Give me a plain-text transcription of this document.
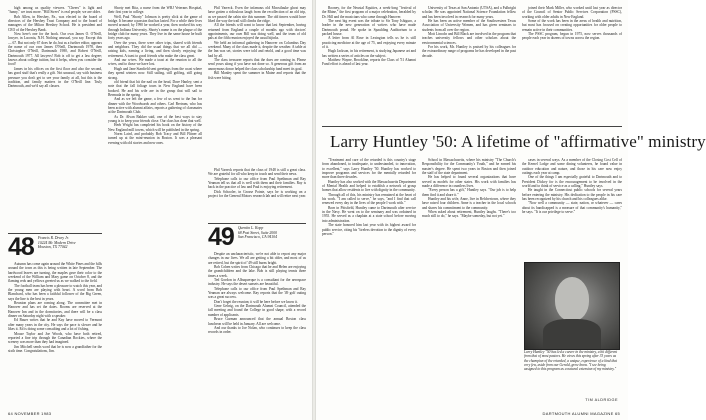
high among us quality viewers. "Cheers" is light and "funny," we trust more. "Hill Street" is real people; we are older.

Bob Allen, in Hershey, Pa., was elected to the board of directors of the Hershey Trust Company and to the board of managers of the Milton Hershey School. He is president and CEO of the Hershey Bank.

Now here's one for the book. Our own James O. O'Neill, lawyer, in Laconia, N.H. Nothing unusual, you say. Except this — 67. But not only 67 does he do, but as a further editor, appears the name of our own James O'Neill, Dartmouth 1978, then Christopher O'Neill, Dartmouth 1980, and Robert O'Neill, Dartmouth 1977. All lawyers! Bob is off to get a law degree; knows about college tuition, but it helps, when you consider the food!

James in his offices on the first floor and also the second, has good stuff that's really a gift. Not unusual, say with business pressure you don't get to see your family at all, but this is the tradition, and family matters in the O'Neill line. Truly Dartmouth, and we'd say all classes.

Shorty met Rita, a nurse from the WRJ Veterans Hospital, their first year in college.

Well, Paul "Shorty" Johnson is pretty slick at the game of bridge. It became a passion that has lasted. For a while their lives moved around; by 1990 he worked a year, then worked his way through Indiana University. Shorty's name is on the plaque of the bridge club for many years. They live in the same house he built forty years ago.

Over the years, there were other trips, shared with friends and neighbors. They did the usual things that we all did — raising kids, earning a living, and then slowly enjoying the retirement. A toast to good friends who make the class great.

And our wives. We made a toast at the reunion to all the wives, and to those we have lost.

Hugh and Jane Stanfield sent greetings from the coast where they spend winters now. Still sailing, still golfing, still going strong.

old friend that hit the nail on the head, Dave Hanley, sent a note that the fall foliage tours in New England have been booked. He and his wife are in the group that will sail to Bermuda in the spring.

And as we left the game, a few of us went to the Inn for dinner with the Woodwards and others. Carl Bertram, who has been active with alumni affairs, reports a gathering of classmates at the Dartmouth Club.

As Dr. Alvan Bakker said, one of the best ways to stay young is to keep your friends close. Our class has done that well.

Herb Wright has completed his book on the history of the New England mill towns, which will be published in the spring.

Norm Laird, and probably Bob Tracy and Bill Flitner all turned up at the mini-reunion in Boston. It was a pleasant evening with old stories and new ones.

Phil Varreck. Even the infamous old Moosilauke ghost may have gotten a ridiculous laugh from the recollection of an old trip, as we passed the cabin site this summer. The old timers would have liked the way the trail still climbs the ridge.

All the friends will want to know that last September, having returned from England a couple of months ago with doctors' appointments, our own Bill was doing well, and the team of old pals at the fifth reunion enjoyed the usual hijinks.

We held an informal gathering in Hanover on Columbus Day weekend. Many of the class made it, despite the weather. A table at the Inn was set, stories were told and retold, and a good time was had by all.

The class treasurer reports that the dues are coming in. Please send yours along if you have not done so. A generous gift from an anonymous donor helped the class scholarship fund meet its goal.

Bill Manley spent the summer in Maine and reports that the fish were biting.

48	Francis R. Drury Jr.
10224 Mc Modern Drive
Houston, TX 77042

Autumn has come again around the White Pines and the hills around the town as this is being written in late September. The hardwood leaves are turning, the maples gave their color to the weekend of the William and Mary game on October 8, and the flaming reds and yellows greeted us as we walked to the field.

The football team has been a pleasure to watch this year, and the young men are playing with heart. A word from Bob Blanchard, who has been a faithful follower of the Big Green, says the line is the best in years.

Reunion plans are coming along. The committee met in Hanover and has set the dates. Rooms are reserved at the Hanover Inn and in the dormitories, and there will be a class dinner on Saturday night with a speaker.

Ed Bauer writes that he and Kay have moved to Vermont after many years in the city. He says the pace is slower and he likes it. Ed is doing some consulting and a lot of fishing.

Mouse Taylor and Joe Woods, who have both retired, reported a fine trip through the Canadian Rockies, where the scenery was more than they had imagined.

Jim Mitchell sends word that he is now a grandfather for the sixth time. Congratulations, Jim.

Phil Varreck reports that the class of 1948 is still a great class. We are grateful for all who keep in touch and send their news.

Telephone calls to our office from Paul Spethman and Ray Yeaman tell us that all is well with them and their families. Ray is back in the practice of law and Paul is enjoying retirement.

Dick Schooler, in Grosse Pointe, says he is working on a project for the General Motors research lab and will retire next year.

49	Quentin L. Kopp
68 Post Street, Suite 2000
San Francisco, CA 94104

Despite an uncharacteristic, we're not able to report any major changes in our lives. We all are getting a bit older, and most of us are retired, but the spirit of '49 still burns bright.

Bob Cohen writes from Chicago that he and Helen are enjoying the grandchildren and the lake. Bob is still playing tennis three times a week.

Ted Gordon in Albuquerque is a consultant for the aerospace industry. He says the desert sunsets are beautiful.

Telephone calls to our office from Paul Spethman and Ray Yeaman are always welcome. Ray reports that the '49 golf outing was a great success.

Don't forget the reunion; it will be here before we know it.

Gene Gehrig, on the Dartmouth Alumni Council, attended the fall meeting and found the College in good shape, with a record number of applicants.

Bruce Garman announced that the annual Boston class luncheon will be held in January. All are welcome.

And our thanks to Joe Nolan, who continues to keep the class records in order.

64 NOVEMBER 1983

Rooney, for the Neustal Equities, a week-long "festival of the Rhine," the first program of a major celebration, heralded by Dr. Hill and the musicians who came through Hanover.

The next big event was the tribute to Sir Tony Ishiguro, a leader in the new generation of writers who have made Dartmouth proud. He spoke in Spaulding Auditorium to a packed house.

A letter from Al Rose in Lexington tells us he is still practicing medicine at the age of 75, and enjoying every minute of it.

Hugh Jackson, in his retirement, is studying Japanese art and has written a series of articles on the subject.

Matthew Wayne, Brookline, reports the Class of '51 Alumni Fund effort is ahead of last year.

University of Texas at San Antonio (UTSA), and a Fulbright scholar. He was appointed National Science Foundation fellow and has been involved in research for many years.

He has been an active member of the Southwestern Texas Association of University Women, and has given seminars to students from all over the region.

Mott Lincoln and Bill Black are involved in the program that teaches university fellows and other scholars about the environmental sciences.

For his work, Mr. Huntley is praised by his colleagues for the extraordinary range of programs he has developed in the past decade.

joined their Mark Miller, who worked until last year as director of the Council of Senior Public Services Corporation (PSSC), working with older adults in New England.

Some of the work has been in the areas of health and nutrition, but most has focused on creating opportunities for older people to remain active in their communities.

The PSSC program, begun in 1975, now serves thousands of people each year in dozens of towns across the region.

"Treatment and care of the retarded is this country's stage from abandoned, to inadequate, to understanded, to innovation, to excellent," says Larry Huntley '50. Huntley has worked to improve programs and services for the mentally retarded for more than three decades.

Huntley has also worked with the Massachusetts Department of Mental Health and helped to establish a network of group homes that allow residents to live with dignity in the community.

Through all of this, his ministry has remained at the heart of his work. "I am called to serve," he says, "and I find that call renewed every day in the lives of the people I work with."

Born in Pittsfield, Huntley came to Dartmouth after service in the Navy. He went on to the seminary and was ordained in 1955. He served as a chaplain at a state school before moving into administration.

The state honored him last year with its highest award for public service, citing his "tireless devotion to the dignity of every person."

School in Massachusetts, where his ministry "The Church's Responsibility for the Community's Youth," and he earned his master's degree. He spent two years in Boston and then joined the staff of the state department.

He has helped to found several organizations that have served as models for other states. His work with families has made a difference in countless lives.

"Every person has a gift," Huntley says. "Our job is to help them find it and share it."

Huntley and his wife, Anne, live in Belchertown, where they have raised four children. Anne is a teacher in the local schools and shares his commitment to the community.

When asked about retirement, Huntley laughs. "There's too much still to do," he says. "Maybe someday, but not yet."

cases in several ways. As a member of the Closing Cost Cell of the Kernel Lodge and some dining volunteers, he found value in outdoor education and nature, and those in his care now enjoy outings each year at camp.

One of the things I am especially grateful to Dartmouth and to President Dickey for is the encouragement to be involved in the world and to think of service as a calling," Huntley says.

He taught in the Connecticut public schools for several years before entering the ministry. His dedication to the people in his care has been recognized by his church and his colleagues alike.

"Now well a community — state, nation, or whatever — cares about its handicapped is a measure of that community's humanity," he says. "It is our privilege to serve."

DARTMOUTH ALUMNI MAGAZINE 65
Larry Huntley '50: A lifetime of "affirmative" ministry
Larry Huntley "50 has led a career in the ministry, a bit different from that of most pastors. He views this spring after 33 years as the champion of the retarded, a unique, experience of a kind that very few, aside from our Gerald, grew know. "I see being assigned to this program as a natural extension of my ministry."
TIM ALDRIDGE
